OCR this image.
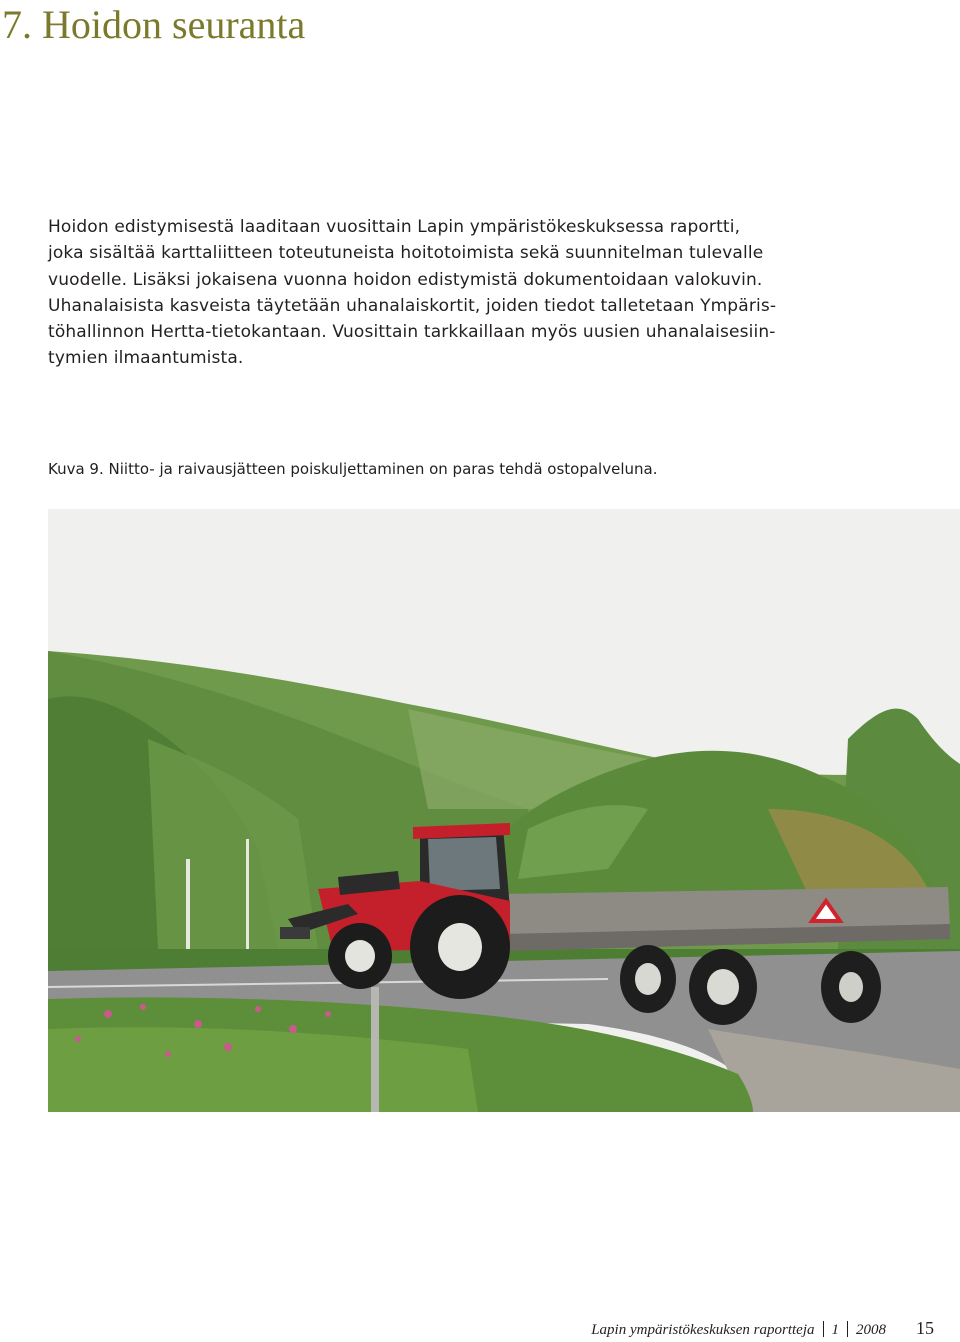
7. Hoidon seuranta
Hoidon edistymisestä laaditaan vuosittain Lapin ympäristökeskuksessa raportti,
joka sisältää karttaliitteen toteutuneista hoitotoimista sekä suunnitelman tulevalle
vuodelle. Lisäksi jokaisena vuonna hoidon edistymistä dokumentoidaan valokuvin.
Uhanalaisista kasveista täytetään uhanalaiskortit, joiden tiedot talletetaan Ympäris-
töhallinnon Hertta-tietokantaan. Vuosittain tarkkaillaan myös uusien uhanalaisesiin-
tymien ilmaantumista.
Kuva 9. Niitto- ja raivausjätteen poiskuljettaminen on paras tehdä ostopalveluna.
Lapin ympäristökeskuksen raportteja 1 2008 15
